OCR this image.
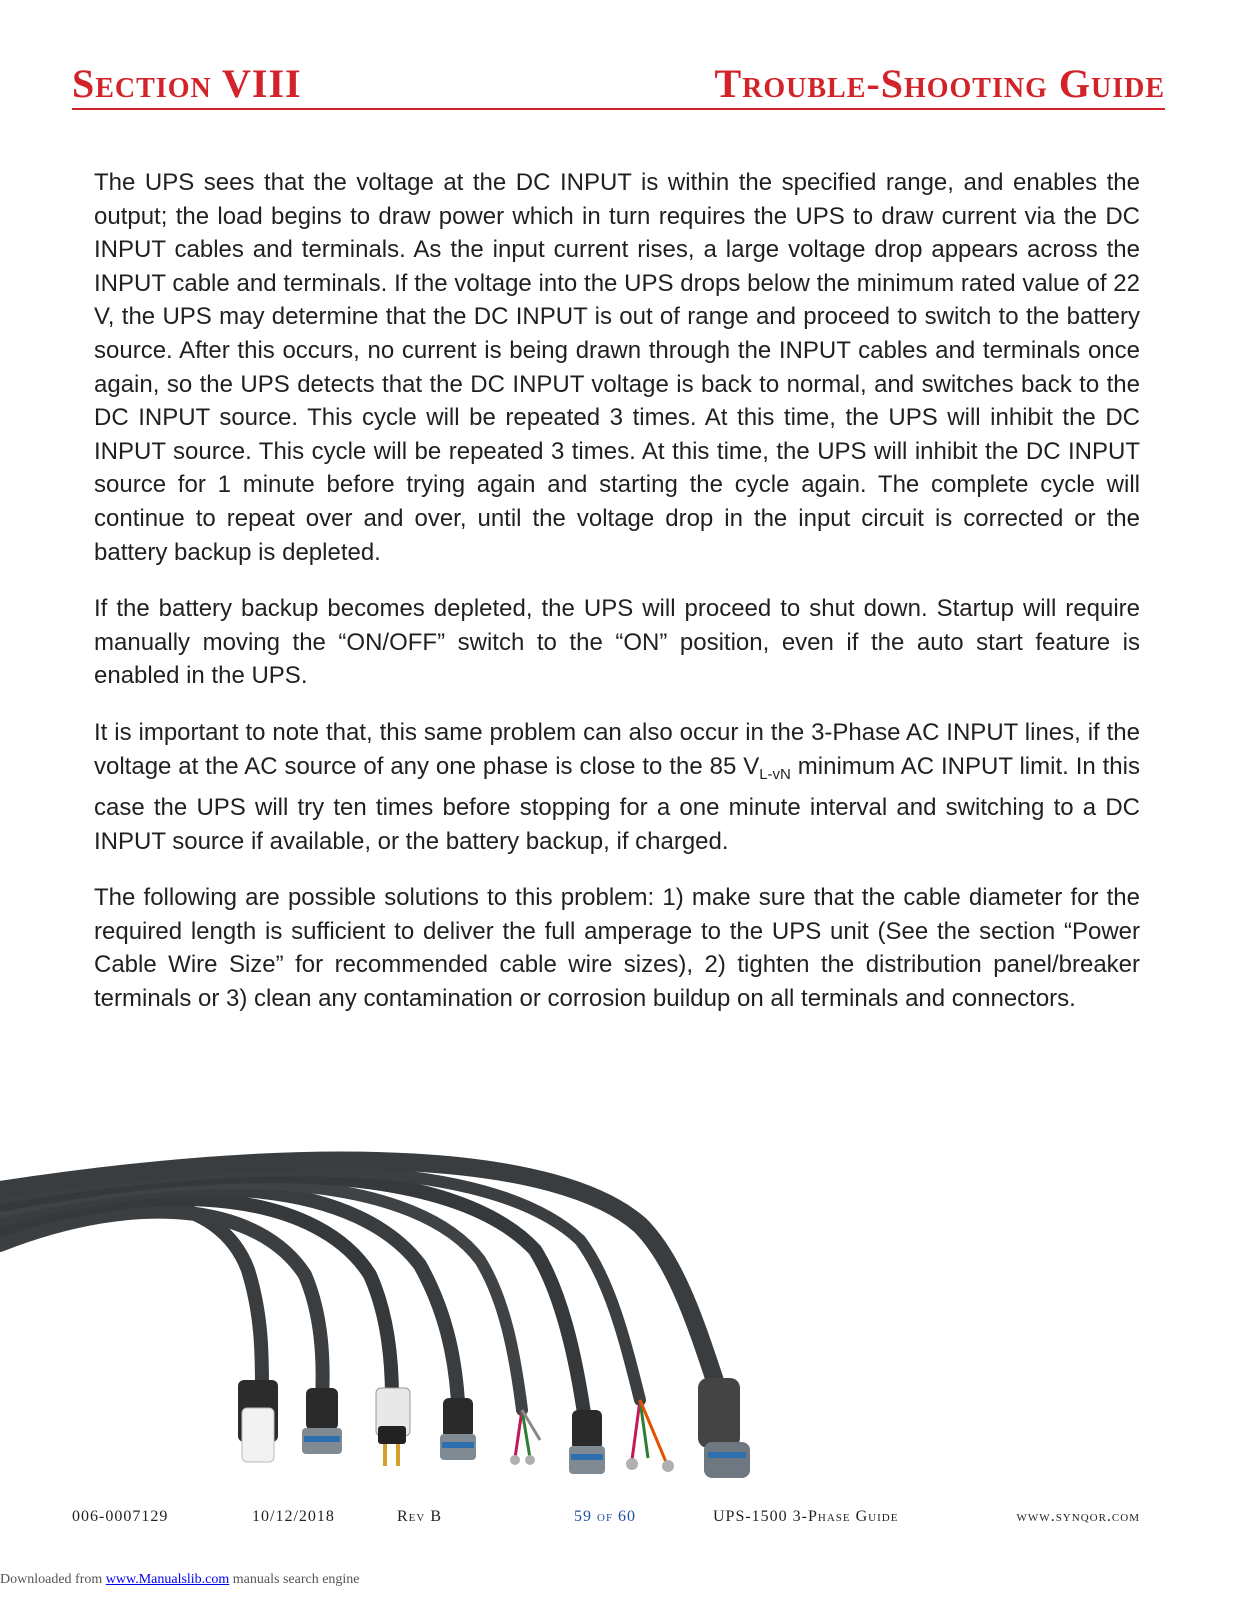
Section VIII	Trouble-Shooting Guide

The UPS sees that the voltage at the DC INPUT is within the specified range, and enables the output; the load begins to draw power which in turn requires the UPS to draw current via the DC INPUT cables and terminals. As the input current rises, a large voltage drop appears across the INPUT cable and terminals. If the voltage into the UPS drops below the minimum rated value of 22 V, the UPS may determine that the DC INPUT is out of range and proceed to switch to the battery source. After this occurs, no current is being drawn through the INPUT cables and terminals once again, so the UPS detects that the DC INPUT voltage is back to normal, and switches back to the DC INPUT source. This cycle will be repeated 3 times. At this time, the UPS will inhibit the DC INPUT source. This cycle will be repeated 3 times. At this time, the UPS will inhibit the DC INPUT source for 1 minute before trying again and starting the cycle again. The complete cycle will continue to repeat over and over, until the voltage drop in the input circuit is corrected or the battery backup is depleted.

If the battery backup becomes depleted, the UPS will proceed to shut down. Startup will require manually moving the “ON/OFF” switch to the “ON” position, even if the auto start feature is enabled in the UPS.

It is important to note that, this same problem can also occur in the 3-Phase AC INPUT lines, if the voltage at the AC source of any one phase is close to the 85 $V_{L-vN}$ minimum AC INPUT limit. In this case the UPS will try ten times before stopping for a one minute interval and switching to a DC INPUT source if available, or the battery backup, if charged.

The following are possible solutions to this problem: 1) make sure that the cable diameter for the required length is sufficient to deliver the full amperage to the UPS unit (See the section “Power Cable Wire Size” for recommended cable wire sizes), 2) tighten the distribution panel/breaker terminals or 3) clean any contamination or corrosion buildup on all terminals and connectors.

006-0007129	10/12/2018	Rev B	59 of 60	UPS-1500 3-Phase Guide	www.synqor.com
Downloaded from www.Manualslib.com manuals search engine
